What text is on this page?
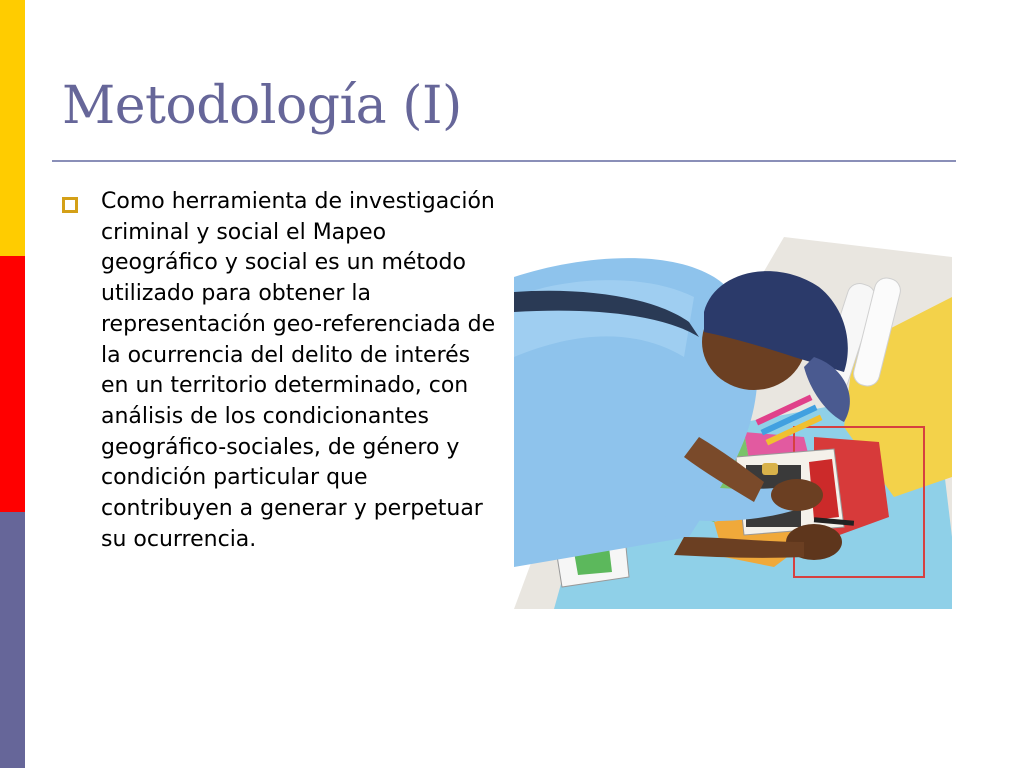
Metodología (I)

Como herramienta de investigación criminal y social el Mapeo geográfico y social es un método utilizado para obtener la representación geo-referenciada de la ocurrencia del delito de interés en un territorio determinado, con análisis de los condicionantes geográfico-sociales, de género y condición particular que contribuyen a generar y perpetuar su ocurrencia.
